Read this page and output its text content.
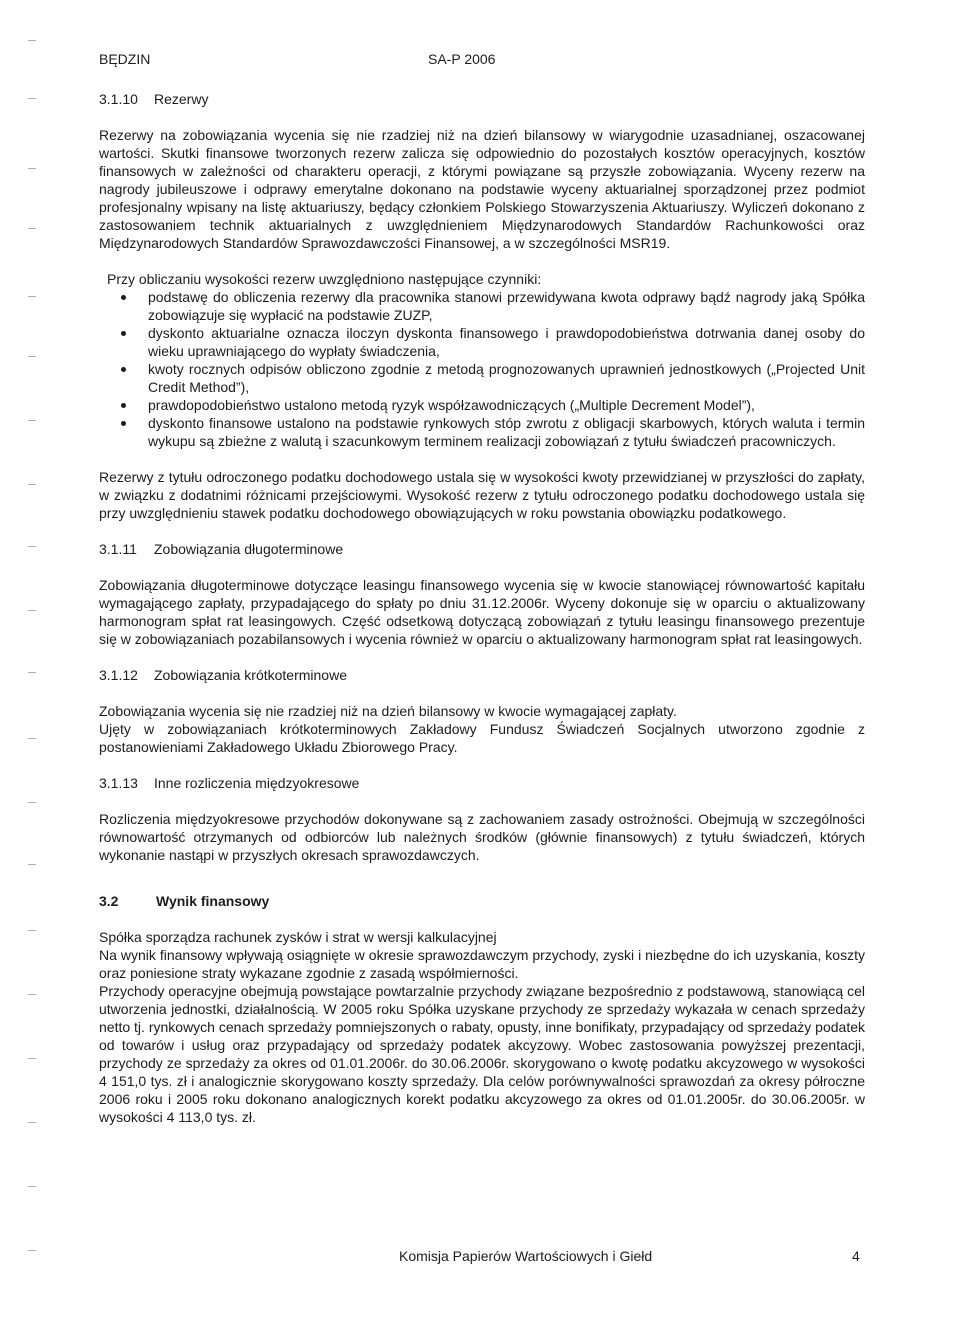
BĘDZIN	SA-P 2006
3.1.10 Rezerwy

Rezerwy na zobowiązania wycenia się nie rzadziej niż na dzień bilansowy w wiarygodnie uzasadnianej, oszacowanej wartości. Skutki finansowe tworzonych rezerw zalicza się odpowiednio do pozostałych kosztów operacyjnych, kosztów finansowych w zależności od charakteru operacji, z którymi powiązane są przyszłe zobowiązania. Wyceny rezerw na nagrody jubileuszowe i odprawy emerytalne dokonano na podstawie wyceny aktuarialnej sporządzonej przez podmiot profesjonalny wpisany na listę aktuariuszy, będący członkiem Polskiego Stowarzyszenia Aktuariuszy. Wyliczeń dokonano z zastosowaniem technik aktuarialnych z uwzględnieniem Międzynarodowych Standardów Rachunkowości oraz Międzynarodowych Standardów Sprawozdawczości Finansowej, a w szczególności MSR19.

Przy obliczaniu wysokości rezerw uwzględniono następujące czynniki:

podstawę do obliczenia rezerwy dla pracownika stanowi przewidywana kwota odprawy bądź nagrody jaką Spółka zobowiązuje się wypłacić na podstawie ZUZP,
dyskonto aktuarialne oznacza iloczyn dyskonta finansowego i prawdopodobieństwa dotrwania danej osoby do wieku uprawniającego do wypłaty świadczenia,
kwoty rocznych odpisów obliczono zgodnie z metodą prognozowanych uprawnień jednostkowych („Projected Unit Credit Method”),
prawdopodobieństwo ustalono metodą ryzyk współzawodniczących („Multiple Decrement Model”),
dyskonto finansowe ustalono na podstawie rynkowych stóp zwrotu z obligacji skarbowych, których waluta i termin wykupu są zbieżne z walutą i szacunkowym terminem realizacji zobowiązań z tytułu świadczeń pracowniczych.

Rezerwy z tytułu odroczonego podatku dochodowego ustala się w wysokości kwoty przewidzianej w przyszłości do zapłaty, w związku z dodatnimi różnicami przejściowymi. Wysokość rezerw z tytułu odroczonego podatku dochodowego ustala się przy uwzględnieniu stawek podatku dochodowego obowiązujących w roku powstania obowiązku podatkowego.

3.1.11 Zobowiązania długoterminowe

Zobowiązania długoterminowe dotyczące leasingu finansowego wycenia się w kwocie stanowiącej równowartość kapitału wymagającego zapłaty, przypadającego do spłaty po dniu 31.12.2006r. Wyceny dokonuje się w oparciu o aktualizowany harmonogram spłat rat leasingowych. Część odsetkową dotyczącą zobowiązań z tytułu leasingu finansowego prezentuje się w zobowiązaniach pozabilansowych i wycenia również w oparciu o aktualizowany harmonogram spłat rat leasingowych.

3.1.12 Zobowiązania krótkoterminowe

Zobowiązania wycenia się nie rzadziej niż na dzień bilansowy w kwocie wymagającej zapłaty.

Ujęty w zobowiązaniach krótkoterminowych Zakładowy Fundusz Świadczeń Socjalnych utworzono zgodnie z postanowieniami Zakładowego Układu Zbiorowego Pracy.

3.1.13 Inne rozliczenia międzyokresowe

Rozliczenia międzyokresowe przychodów dokonywane są z zachowaniem zasady ostrożności. Obejmują w szczególności równowartość otrzymanych od odbiorców lub należnych środków (głównie finansowych) z tytułu świadczeń, których wykonanie nastąpi w przyszłych okresach sprawozdawczych.

3.2	Wynik finansowy

Spółka sporządza rachunek zysków i strat w wersji kalkulacyjnej

Na wynik finansowy wpływają osiągnięte w okresie sprawozdawczym przychody, zyski i niezbędne do ich uzyskania, koszty oraz poniesione straty wykazane zgodnie z zasadą współmierności.

Przychody operacyjne obejmują powstające powtarzalnie przychody związane bezpośrednio z podstawową, stanowiącą cel utworzenia jednostki, działalnością. W 2005 roku Spółka uzyskane przychody ze sprzedaży wykazała w cenach sprzedaży netto tj. rynkowych cenach sprzedaży pomniejszonych o rabaty, opusty, inne bonifikaty, przypadający od sprzedaży podatek od towarów i usług oraz przypadający od sprzedaży podatek akcyzowy. Wobec zastosowania powyższej prezentacji, przychody ze sprzedaży za okres od 01.01.2006r. do 30.06.2006r. skorygowano o kwotę podatku akcyzowego w wysokości 4 151,0 tys. zł i analogicznie skorygowano koszty sprzedaży. Dla celów porównywalności sprawozdań za okresy półroczne 2006 roku i 2005 roku dokonano analogicznych korekt podatku akcyzowego za okres od 01.01.2005r. do 30.06.2005r. w wysokości 4 113,0 tys. zł.

Komisja Papierów Wartościowych i Giełd	4
